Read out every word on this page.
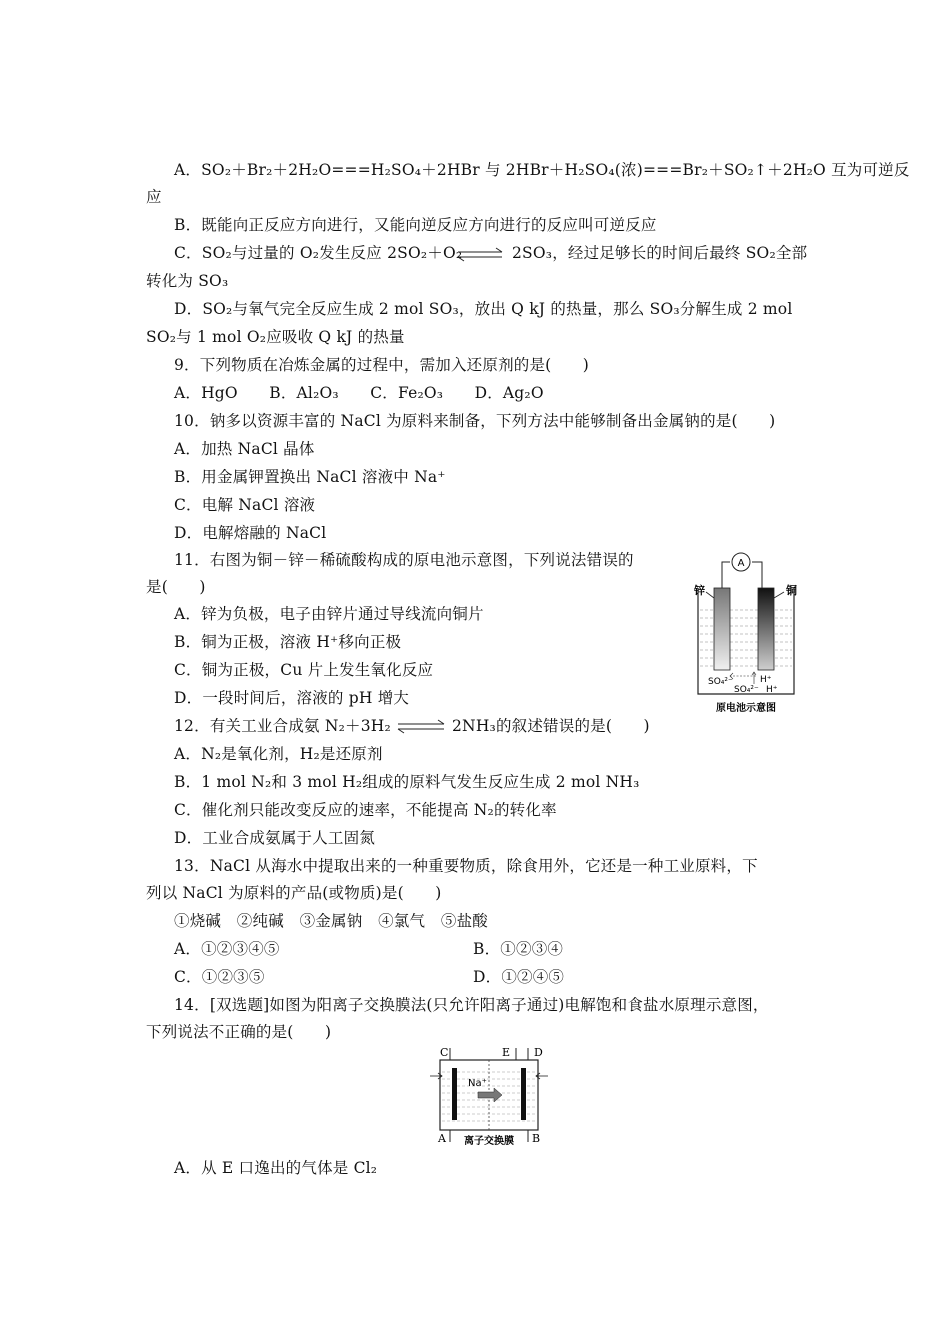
A．SO₂＋Br₂＋2H₂O===H₂SO₄＋2HBr 与 2HBr＋H₂SO₄(浓)===Br₂＋SO₂↑＋2H₂O 互为可逆反
应
B．既能向正反应方向进行，又能向逆反应方向进行的反应叫可逆反应
C．SO₂与过量的 O₂发生反应 2SO₂＋O₂ ⇌ 2SO₃，经过足够长的时间后最终 SO₂全部
转化为 SO₃
D．SO₂与氧气完全反应生成 2 mol SO₃，放出 Q kJ 的热量，那么 SO₃分解生成 2 mol
SO₂与 1 mol O₂应吸收 Q kJ 的热量
9．下列物质在冶炼金属的过程中，需加入还原剂的是(　　)
A．HgO　　B．Al₂O₃　　C．Fe₂O₃　　D．Ag₂O
10．钠多以资源丰富的 NaCl 为原料来制备，下列方法中能够制备出金属钠的是(　　)
A．加热 NaCl 晶体
B．用金属钾置换出 NaCl 溶液中 Na⁺
C．电解 NaCl 溶液
D．电解熔融的 NaCl
11．右图为铜－锌－稀硫酸构成的原电池示意图，下列说法错误的
是(　　)
A．锌为负极，电子由锌片通过导线流向铜片
B．铜为正极，溶液 H⁺移向正极
C．铜为正极，Cu 片上发生氧化反应
D．一段时间后，溶液的 pH 增大
A
锌	铜
SO₄²⁻	H⁺
SO₄²⁻ H⁺
原电池示意图
12．有关工业合成氨 N₂＋3H₂ ⇌ 2NH₃的叙述错误的是(　　)
A．N₂是氧化剂，H₂是还原剂
B．1 mol N₂和 3 mol H₂组成的原料气发生反应生成 2 mol NH₃
C．催化剂只能改变反应的速率，不能提高 N₂的转化率
D．工业合成氨属于人工固氮
13．NaCl 从海水中提取出来的一种重要物质，除食用外，它还是一种工业原料，下
列以 NaCl 为原料的产品(或物质)是(　　)
①烧碱　②纯碱　③金属钠　④氯气　⑤盐酸
A．①②③④⑤	B．①②③④
C．①②③⑤	D．①②④⑤
14．[双选题]如图为阳离子交换膜法(只允许阳离子通过)电解饱和食盐水原理示意图，
下列说法不正确的是(　　)
C	E D
Na⁺
A	B
离子交换膜
A．从 E 口逸出的气体是 Cl₂
